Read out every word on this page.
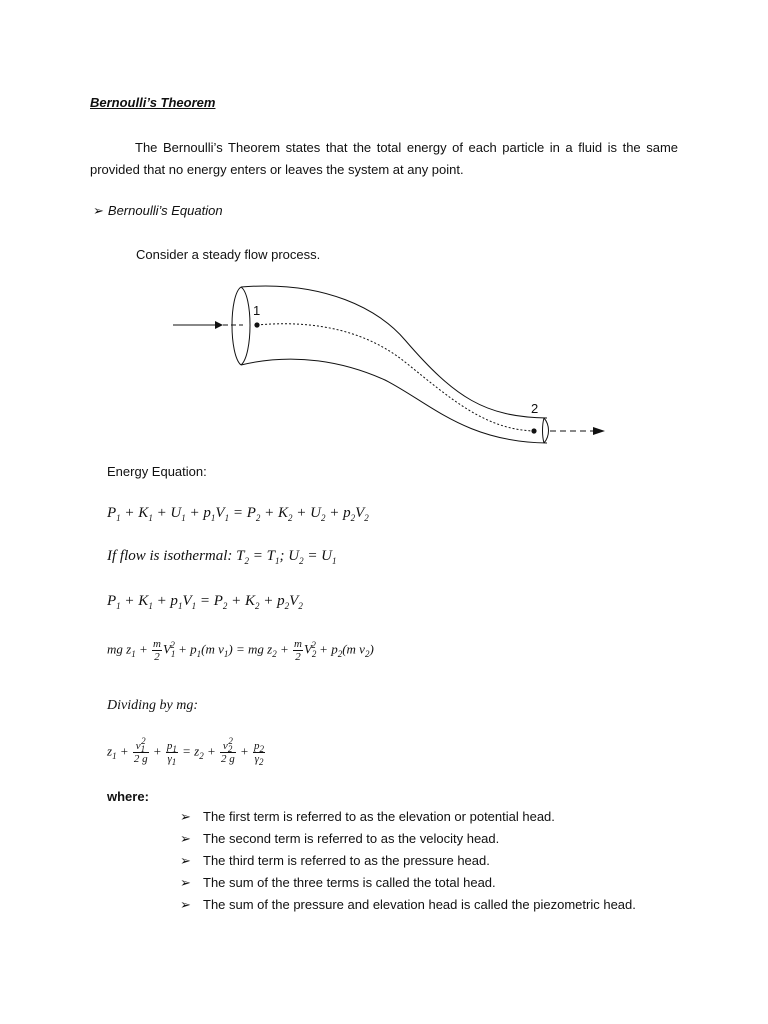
Bernoulli’s Theorem
The Bernoulli’s Theorem states that the total energy of each particle in a fluid is the same provided that no energy enters or leaves the system at any point.
➢ Bernoulli’s Equation
Consider a steady flow process.
1
2
Energy Equation:
$P_1 + K_1 + U_1 + p_1V_1 = P_2 + K_2 + U_2 + p_2V_2$
If flow is isothermal: $T_2 = T_1$; $U_2 = U_1$
$P_1 + K_1 + p_1V_1 = P_2 + K_2 + p_2V_2$
mg $z_1 + \frac{m}{2} V_1^2 + p_1(m$ $v_1$) = mg $z_2 + \frac{m}{2} V_2^2 + p_2(m$ $v_2$)
Dividing by mg:
$z_1 + \frac{v_1^2}{2 g} + \frac{p_1}{\gamma_1} = z_2 + \frac{v_2^2}{2 g} + \frac{p_2}{\gamma_2}$
where:
➢ The first term is referred to as the elevation or potential head.
➢ The second term is referred to as the velocity head.
➢ The third term is referred to as the pressure head.
➢ The sum of the three terms is called the total head.
➢ The sum of the pressure and elevation head is called the piezometric head.
